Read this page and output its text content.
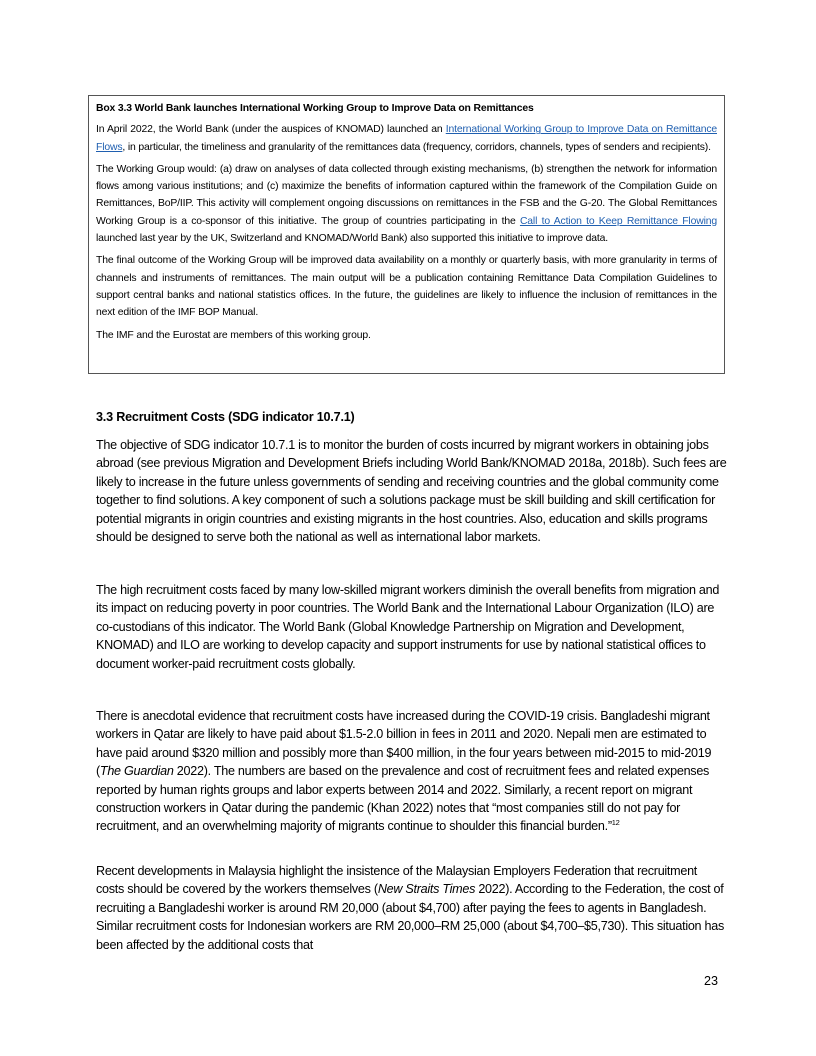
Box 3.3 World Bank launches International Working Group to Improve Data on Remittances

In April 2022, the World Bank (under the auspices of KNOMAD) launched an International Working Group to Improve Data on Remittance Flows, in particular, the timeliness and granularity of the remittances data (frequency, corridors, channels, types of senders and recipients).

The Working Group would: (a) draw on analyses of data collected through existing mechanisms, (b) strengthen the network for information flows among various institutions; and (c) maximize the benefits of information captured within the framework of the Compilation Guide on Remittances, BoP/IIP. This activity will complement ongoing discussions on remittances in the FSB and the G-20. The Global Remittances Working Group is a co-sponsor of this initiative. The group of countries participating in the Call to Action to Keep Remittance Flowing launched last year by the UK, Switzerland and KNOMAD/World Bank) also supported this initiative to improve data.

The final outcome of the Working Group will be improved data availability on a monthly or quarterly basis, with more granularity in terms of channels and instruments of remittances. The main output will be a publication containing Remittance Data Compilation Guidelines to support central banks and national statistics offices. In the future, the guidelines are likely to influence the inclusion of remittances in the next edition of the IMF BOP Manual.

The IMF and the Eurostat are members of this working group.

3.3 Recruitment Costs (SDG indicator 10.7.1)

The objective of SDG indicator 10.7.1 is to monitor the burden of costs incurred by migrant workers in obtaining jobs abroad (see previous Migration and Development Briefs including World Bank/KNOMAD 2018a, 2018b). Such fees are likely to increase in the future unless governments of sending and receiving countries and the global community come together to find solutions. A key component of such a solutions package must be skill building and skill certification for potential migrants in origin countries and existing migrants in the host countries. Also, education and skills programs should be designed to serve both the national as well as international labor markets.

The high recruitment costs faced by many low-skilled migrant workers diminish the overall benefits from migration and its impact on reducing poverty in poor countries. The World Bank and the International Labour Organization (ILO) are co-custodians of this indicator. The World Bank (Global Knowledge Partnership on Migration and Development, KNOMAD) and ILO are working to develop capacity and support instruments for use by national statistical offices to document worker-paid recruitment costs globally.

There is anecdotal evidence that recruitment costs have increased during the COVID-19 crisis. Bangladeshi migrant workers in Qatar are likely to have paid about $1.5-2.0 billion in fees in 2011 and 2020. Nepali men are estimated to have paid around $320 million and possibly more than $400 million, in the four years between mid-2015 to mid-2019 (The Guardian 2022). The numbers are based on the prevalence and cost of recruitment fees and related expenses reported by human rights groups and labor experts between 2014 and 2022. Similarly, a recent report on migrant construction workers in Qatar during the pandemic (Khan 2022) notes that “most companies still do not pay for recruitment, and an overwhelming majority of migrants continue to shoulder this financial burden.”$^{12}$

Recent developments in Malaysia highlight the insistence of the Malaysian Employers Federation that recruitment costs should be covered by the workers themselves (New Straits Times 2022). According to the Federation, the cost of recruiting a Bangladeshi worker is around RM 20,000 (about $4,700) after paying the fees to agents in Bangladesh. Similar recruitment costs for Indonesian workers are RM 20,000–RM 25,000 (about $4,700–$5,730). This situation has been affected by the additional costs that

23
